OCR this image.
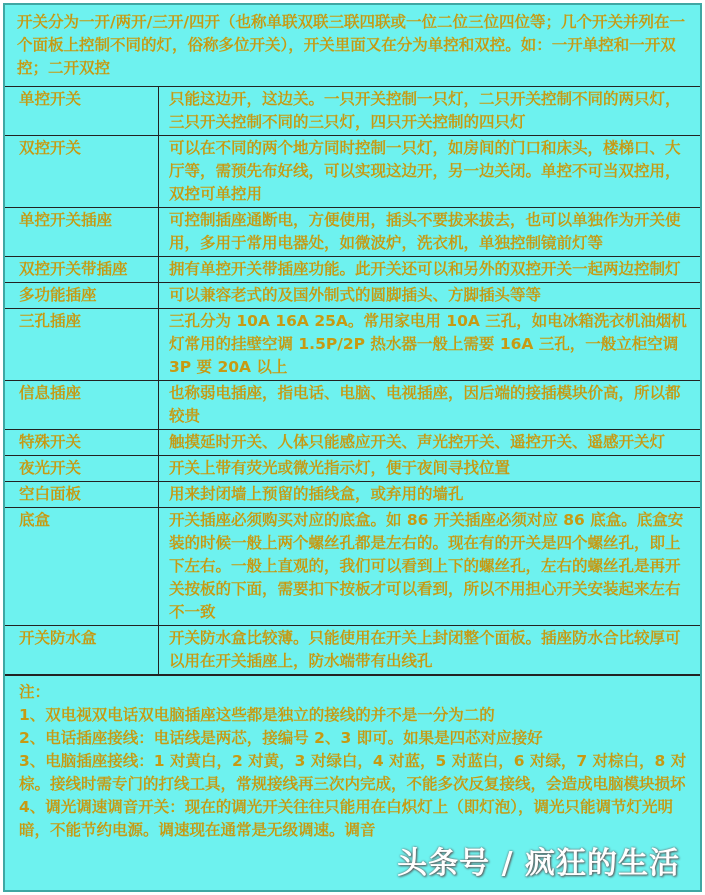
开关分为一开/两开/三开/四开（也称单联双联三联四联或一位二位三位四位等；几个开关并列在一个面板上控制不同的灯，俗称多位开关），开关里面又在分为单控和双控。如：一开单控和一开双控；二开双控
单控开关	只能这边开，这边关。一只开关控制一只灯，二只开关控制不同的两只灯，三只开关控制不同的三只灯，四只开关控制的四只灯
双控开关	可以在不同的两个地方同时控制一只灯，如房间的门口和床头，楼梯口、大厅等，需预先布好线，可以实现这边开，另一边关闭。单控不可当双控用，双控可单控用
单控开关插座	可控制插座通断电，方便使用，插头不要拔来拔去，也可以单独作为开关使用，多用于常用电器处，如微波炉，洗衣机，单独控制镜前灯等
双控开关带插座	拥有单控开关带插座功能。此开关还可以和另外的双控开关一起两边控制灯
多功能插座	可以兼容老式的及国外制式的圆脚插头、方脚插头等等
三孔插座	三孔分为 10A 16A 25A。常用家电用 10A 三孔，如电冰箱洗衣机油烟机灯常用的挂壁空调 1.5P/2P 热水器一般上需要 16A 三孔，一般立柜空调 3P 要 20A 以上
信息插座	也称弱电插座，指电话、电脑、电视插座，因后端的接插模块价高，所以都较贵
特殊开关	触摸延时开关、人体只能感应开关、声光控开关、遥控开关、遥感开关灯
夜光开关	开关上带有荧光或微光指示灯，便于夜间寻找位置
空白面板	用来封闭墙上预留的插线盒，或弃用的墙孔
底盒	开关插座必须购买对应的底盒。如 86 开关插座必须对应 86 底盒。底盒安装的时候一般上两个螺丝孔都是左右的。现在有的开关是四个螺丝孔，即上下左右。一般上直观的，我们可以看到上下的螺丝孔，左右的螺丝孔是再开关按板的下面，需要扣下按板才可以看到，所以不用担心开关安装起来左右不一致
开关防水盒	开关防水盒比较薄。只能使用在开关上封闭整个面板。插座防水合比较厚可以用在开关插座上，防水端带有出线孔

注：

1、双电视双电话双电脑插座这些都是独立的接线的并不是一分为二的

2、电话插座接线：电话线是两芯，接编号 2、3 即可。如果是四芯对应接好

3、电脑插座接线：1 对黄白，2 对黄，3 对绿白，4 对蓝，5 对蓝白，6 对绿，7 对棕白，8 对棕。接线时需专门的打线工具，常规接线再三次内完成，不能多次反复接线，会造成电脑模块损坏

4、调光调速调音开关：现在的调光开关往往只能用在白炽灯上（即灯泡），调光只能调节灯光明暗，不能节约电源。调速现在通常是无级调速。调音

头条号 / 疯狂的生活
